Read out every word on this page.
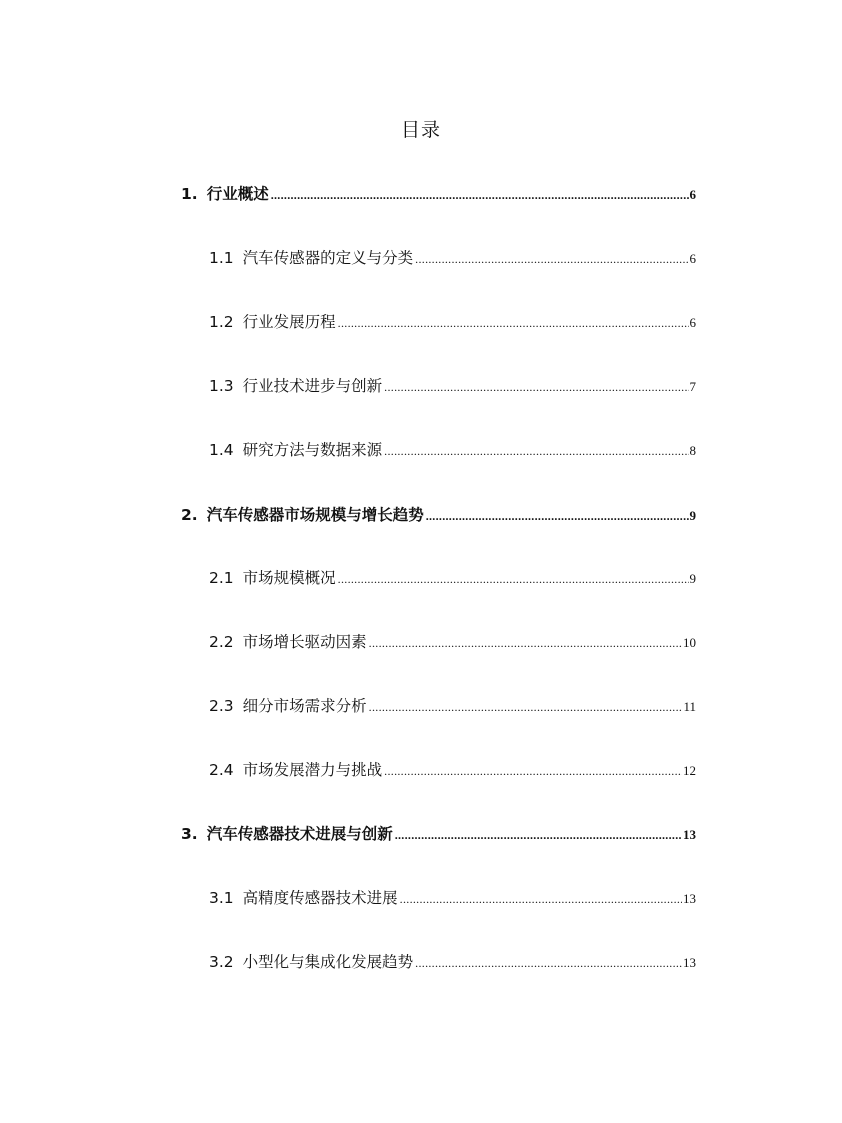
目录
1. 行业概述 .....	6
1.1 汽车传感器的定义与分类 .....	6
1.2 行业发展历程 .....	6
1.3 行业技术进步与创新 .....	7
1.4 研究方法与数据来源 .....	8
2. 汽车传感器市场规模与增长趋势 .....	9
2.1 市场规模概况 .....	9
2.2 市场增长驱动因素 .....	10
2.3 细分市场需求分析 .....	11
2.4 市场发展潜力与挑战 .....	12
3. 汽车传感器技术进展与创新 .....	13
3.1 高精度传感器技术进展 .....	13
3.2 小型化与集成化发展趋势 .....	13
